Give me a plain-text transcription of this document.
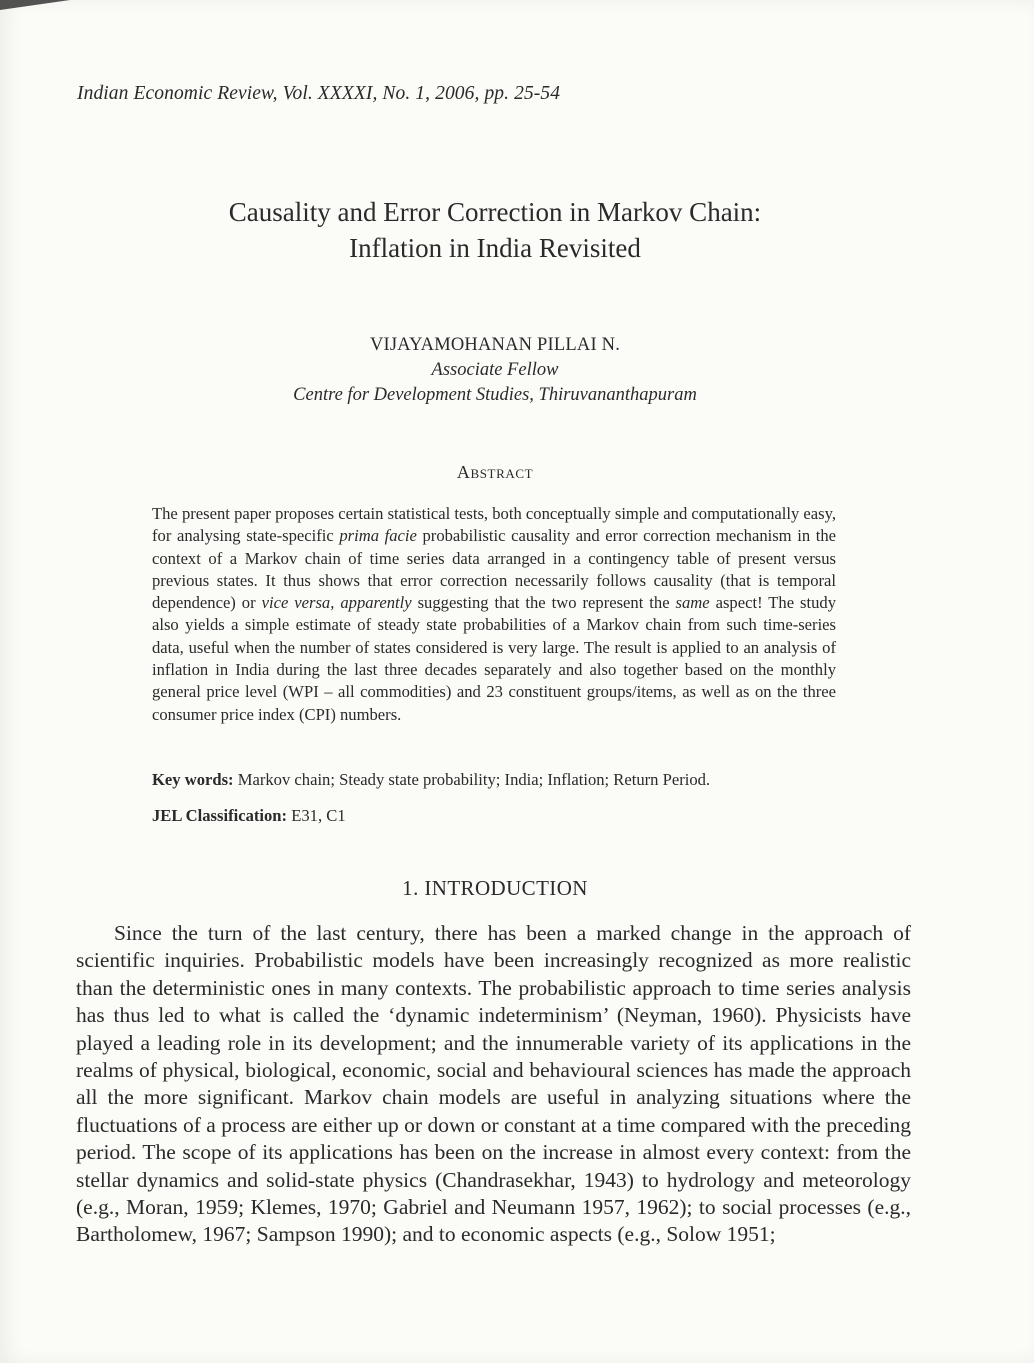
Indian Economic Review, Vol. XXXXI, No. 1, 2006, pp. 25-54
Causality and Error Correction in Markov Chain:
Inflation in India Revisited
VIJAYAMOHANAN PILLAI N.
Associate Fellow
Centre for Development Studies, Thiruvananthapuram
Abstract

The present paper proposes certain statistical tests, both conceptually simple and computationally easy, for analysing state-specific prima facie probabilistic causality and error correction mechanism in the context of a Markov chain of time series data arranged in a contingency table of present versus previous states. It thus shows that error correction necessarily follows causality (that is temporal dependence) or vice versa, apparently suggesting that the two represent the same aspect! The study also yields a simple estimate of steady state probabilities of a Markov chain from such time-series data, useful when the number of states considered is very large. The result is applied to an analysis of inflation in India during the last three decades separately and also together based on the monthly general price level (WPI – all commodities) and 23 constituent groups/items, as well as on the three consumer price index (CPI) numbers.

Key words: Markov chain; Steady state probability; India; Inflation; Return Period.
JEL Classification: E31, C1
1. INTRODUCTION

Since the turn of the last century, there has been a marked change in the approach of scientific inquiries. Probabilistic models have been increasingly recognized as more realistic than the deterministic ones in many contexts. The probabilistic approach to time series analysis has thus led to what is called the ‘dynamic indeterminism’ (Neyman, 1960). Physicists have played a leading role in its development; and the innumerable variety of its applications in the realms of physical, biological, economic, social and behavioural sciences has made the approach all the more significant. Markov chain models are useful in analyzing situations where the fluctuations of a process are either up or down or constant at a time compared with the preceding period. The scope of its applications has been on the increase in almost every context: from the stellar dynamics and solid-state physics (Chandrasekhar, 1943) to hydrology and meteorology (e.g., Moran, 1959; Klemes, 1970; Gabriel and Neumann 1957, 1962); to social processes (e.g., Bartholomew, 1967; Sampson 1990); and to economic aspects (e.g., Solow 1951;
